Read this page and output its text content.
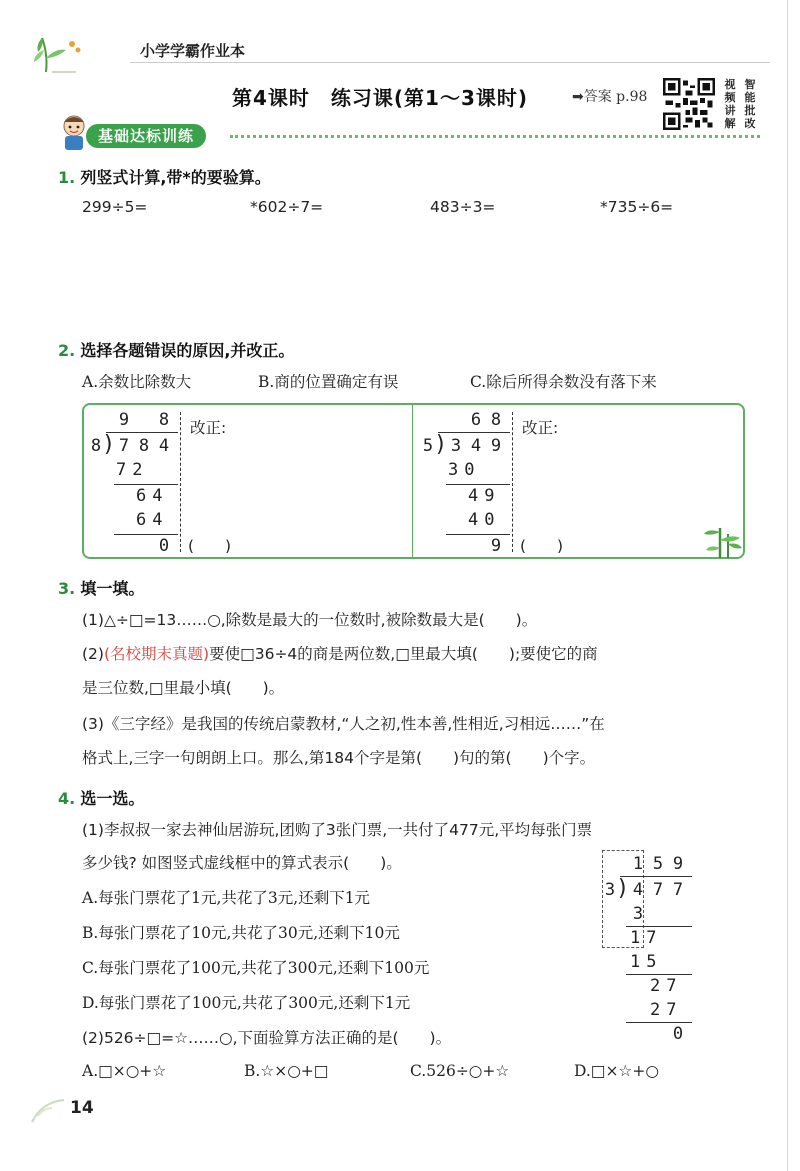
小学学霸作业本
第4课时　练习课(第1～3课时)	➡答案 p.98
视 智
频 能
讲 批
解 改
基础达标训练
1. 列竖式计算,带*的要验算。
299÷5=	*602÷7=	483÷3=	*735÷6=
2. 选择各题错误的原因,并改正。
A.余数比除数大	B.商的位置确定有误	C.除后所得余数没有落下来
9 8
8 ) 7 8 4
72
64
64
0
改正:
(　　)
6 8
5 ) 3 4 9
30
49
40
9
改正:
(　　)
3. 填一填。
(1)△÷□=13……○,除数是最大的一位数时,被除数最大是(　　)。
(2)(名校期末真题)要使□36÷4的商是两位数,□里最大填(　　);要使它的商
是三位数,□里最小填(　　)。
(3)《三字经》是我国的传统启蒙教材,“人之初,性本善,性相近,习相远……”在
格式上,三字一句朗朗上口。那么,第184个字是第(　　)句的第(　　)个字。
4. 选一选。
(1)李叔叔一家去神仙居游玩,团购了3张门票,一共付了477元,平均每张门票
多少钱? 如图竖式虚线框中的算式表示(　　)。
A.每张门票花了1元,共花了3元,还剩下1元
B.每张门票花了10元,共花了30元,还剩下10元
C.每张门票花了100元,共花了300元,还剩下100元
D.每张门票花了100元,共花了300元,还剩下1元
1 5 9
3 ) 4 7 7
3
17
15
27
27
0
(2)526÷□=☆……○,下面验算方法正确的是(　　)。
A.□×○+☆	B.☆×○+□	C.526÷○+☆	D.□×☆+○
14
